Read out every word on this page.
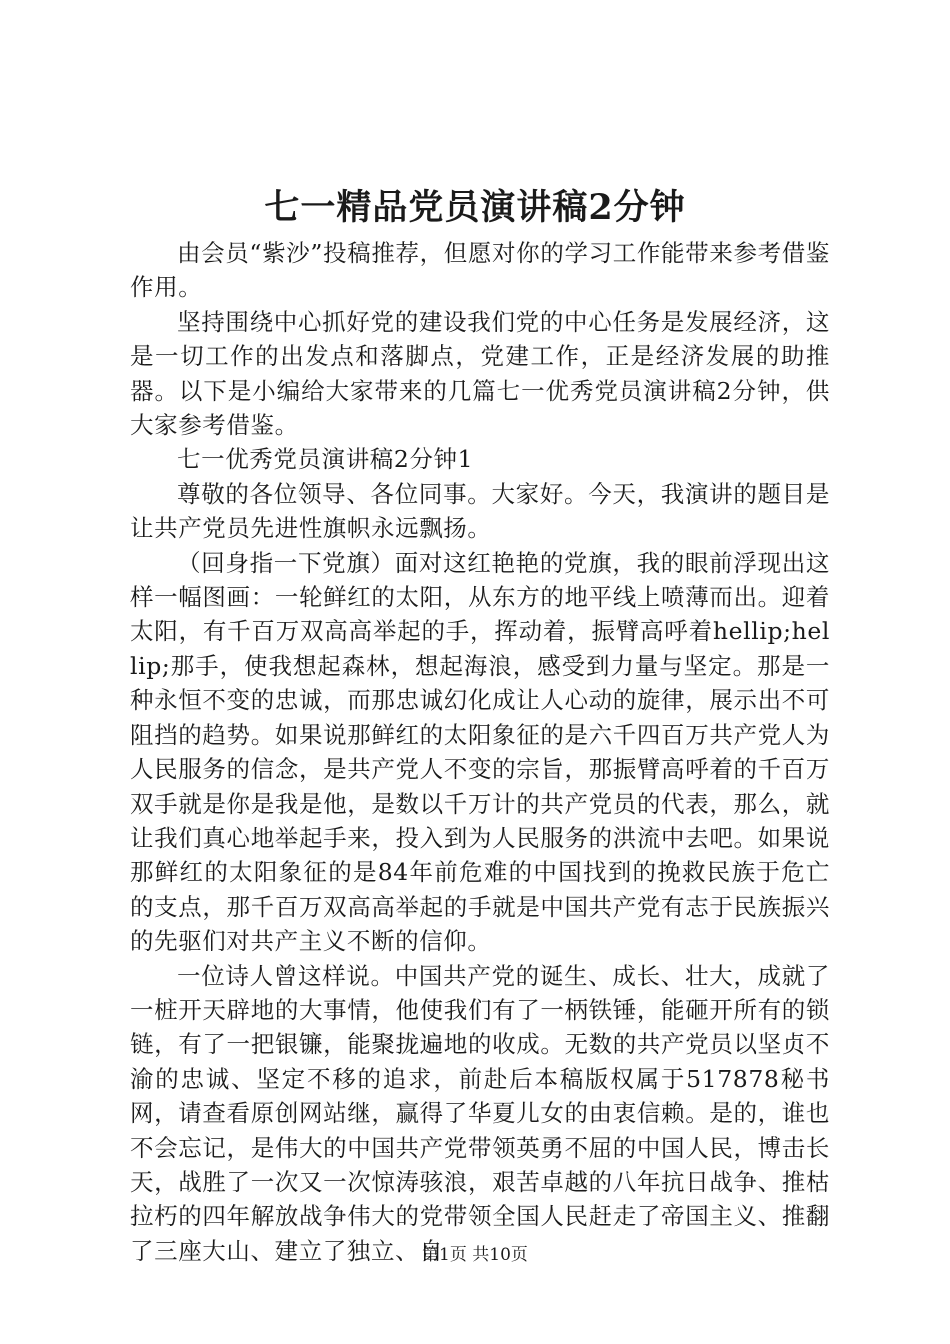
七一精品党员演讲稿2分钟

由会员“紫沙”投稿推荐，但愿对你的学习工作能带来参考借鉴作用。

坚持围绕中心抓好党的建设我们党的中心任务是发展经济，这是一切工作的出发点和落脚点，党建工作，正是经济发展的助推器。以下是小编给大家带来的几篇七一优秀党员演讲稿2分钟，供大家参考借鉴。

七一优秀党员演讲稿2分钟1

尊敬的各位领导、各位同事。大家好。今天，我演讲的题目是让共产党员先进性旗帜永远飘扬。

（回身指一下党旗）面对这红艳艳的党旗，我的眼前浮现出这样一幅图画：一轮鲜红的太阳，从东方的地平线上喷薄而出。迎着太阳，有千百万双高高举起的手，挥动着，振臂高呼着hellip;hellip;那手，使我想起森林，想起海浪，感受到力量与坚定。那是一种永恒不变的忠诚，而那忠诚幻化成让人心动的旋律，展示出不可阻挡的趋势。如果说那鲜红的太阳象征的是六千四百万共产党人为人民服务的信念，是共产党人不变的宗旨，那振臂高呼着的千百万双手就是你是我是他，是数以千万计的共产党员的代表，那么，就让我们真心地举起手来，投入到为人民服务的洪流中去吧。如果说那鲜红的太阳象征的是84年前危难的中国找到的挽救民族于危亡的支点，那千百万双高高举起的手就是中国共产党有志于民族振兴的先驱们对共产主义不断的信仰。

一位诗人曾这样说。中国共产党的诞生、成长、壮大，成就了一桩开天辟地的大事情，他使我们有了一柄铁锤，能砸开所有的锁链，有了一把银镰，能聚拢遍地的收成。无数的共产党员以坚贞不渝的忠诚、坚定不移的追求，前赴后本稿版权属于517878秘书网，请查看原创网站继，赢得了华夏儿女的由衷信赖。是的，谁也不会忘记，是伟大的中国共产党带领英勇不屈的中国人民，博击长天，战胜了一次又一次惊涛骇浪，艰苦卓越的八年抗日战争、推枯拉朽的四年解放战争伟大的党带领全国人民赶走了帝国主义、推翻了三座大山、建立了独立、自

第1页 共10页
